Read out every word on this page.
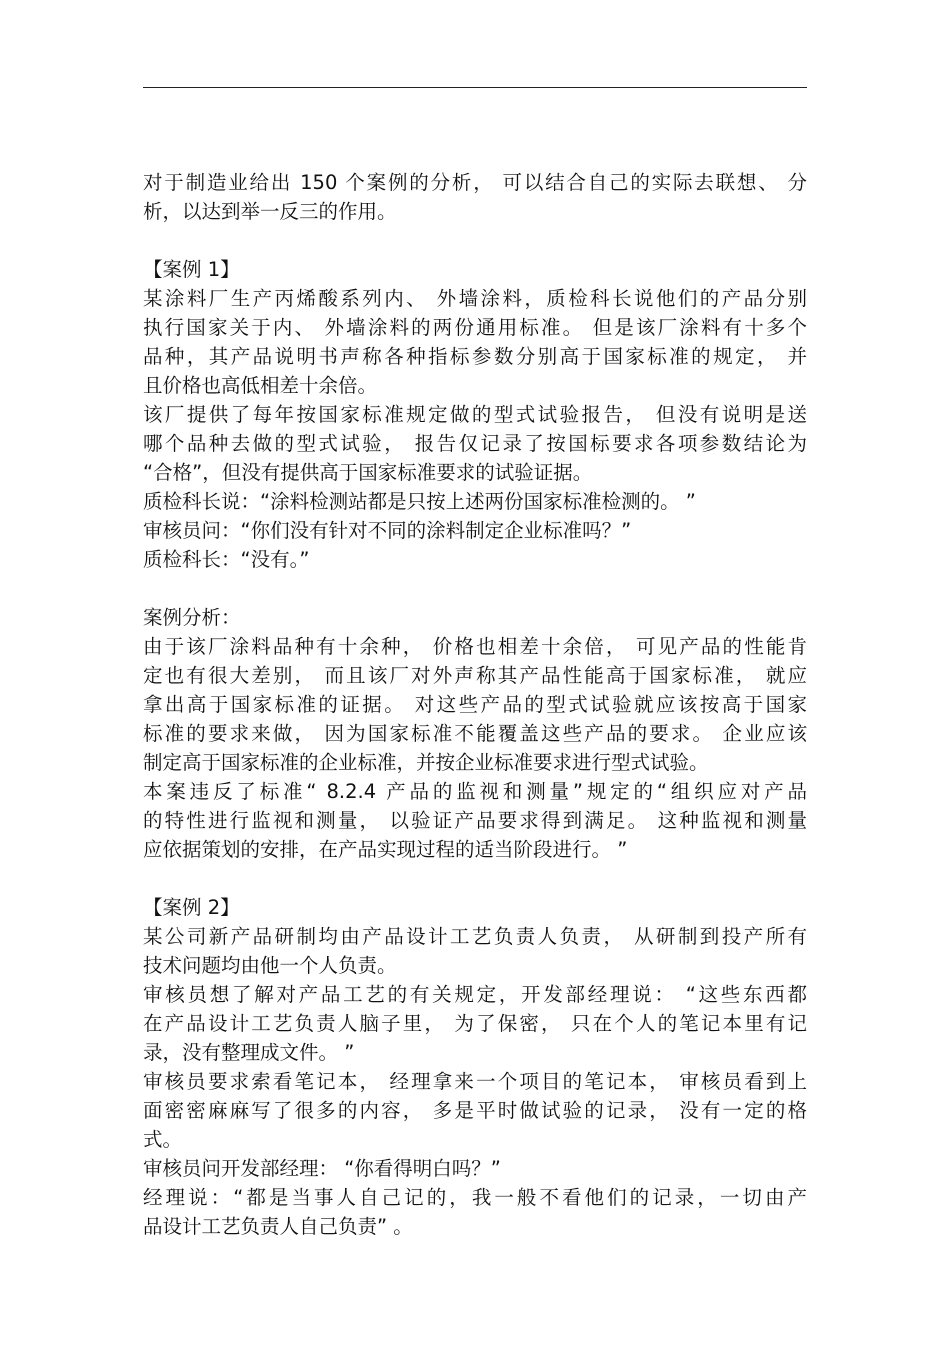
对于制造业给出 150 个案例的分析， 可以结合自己的实际去联想、 分
析，以达到举一反三的作用。
【案例 1】
某涂料厂生产丙烯酸系列内、 外墙涂料，质检科长说他们的产品分别
执行国家关于内、 外墙涂料的两份通用标准。 但是该厂涂料有十多个
品种，其产品说明书声称各种指标参数分别高于国家标准的规定， 并
且价格也高低相差十余倍。
该厂提供了每年按国家标准规定做的型式试验报告， 但没有说明是送
哪个品种去做的型式试验， 报告仅记录了按国标要求各项参数结论为
“合格”，但没有提供高于国家标准要求的试验证据。
质检科长说：“涂料检测站都是只按上述两份国家标准检测的。 ”
审核员问：“你们没有针对不同的涂料制定企业标准吗？”
质检科长：“没有。”
案例分析：
由于该厂涂料品种有十余种， 价格也相差十余倍， 可见产品的性能肯
定也有很大差别， 而且该厂对外声称其产品性能高于国家标准， 就应
拿出高于国家标准的证据。 对这些产品的型式试验就应该按高于国家
标准的要求来做， 因为国家标准不能覆盖这些产品的要求。 企业应该
制定高于国家标准的企业标准，并按企业标准要求进行型式试验。
本案违反了标准“ 8.2.4 产品的监视和测量”规定的“组织应对产品
的特性进行监视和测量， 以验证产品要求得到满足。 这种监视和测量
应依据策划的安排，在产品实现过程的适当阶段进行。 ”
【案例 2】
某公司新产品研制均由产品设计工艺负责人负责， 从研制到投产所有
技术问题均由他一个人负责。
审核员想了解对产品工艺的有关规定，开发部经理说： “这些东西都
在产品设计工艺负责人脑子里， 为了保密， 只在个人的笔记本里有记
录，没有整理成文件。 ”
审核员要求索看笔记本， 经理拿来一个项目的笔记本， 审核员看到上
面密密麻麻写了很多的内容， 多是平时做试验的记录， 没有一定的格
式。
审核员问开发部经理： “你看得明白吗？”
经理说：“都是当事人自己记的，我一般不看他们的记录，一切由产
品设计工艺负责人自己负责” 。
